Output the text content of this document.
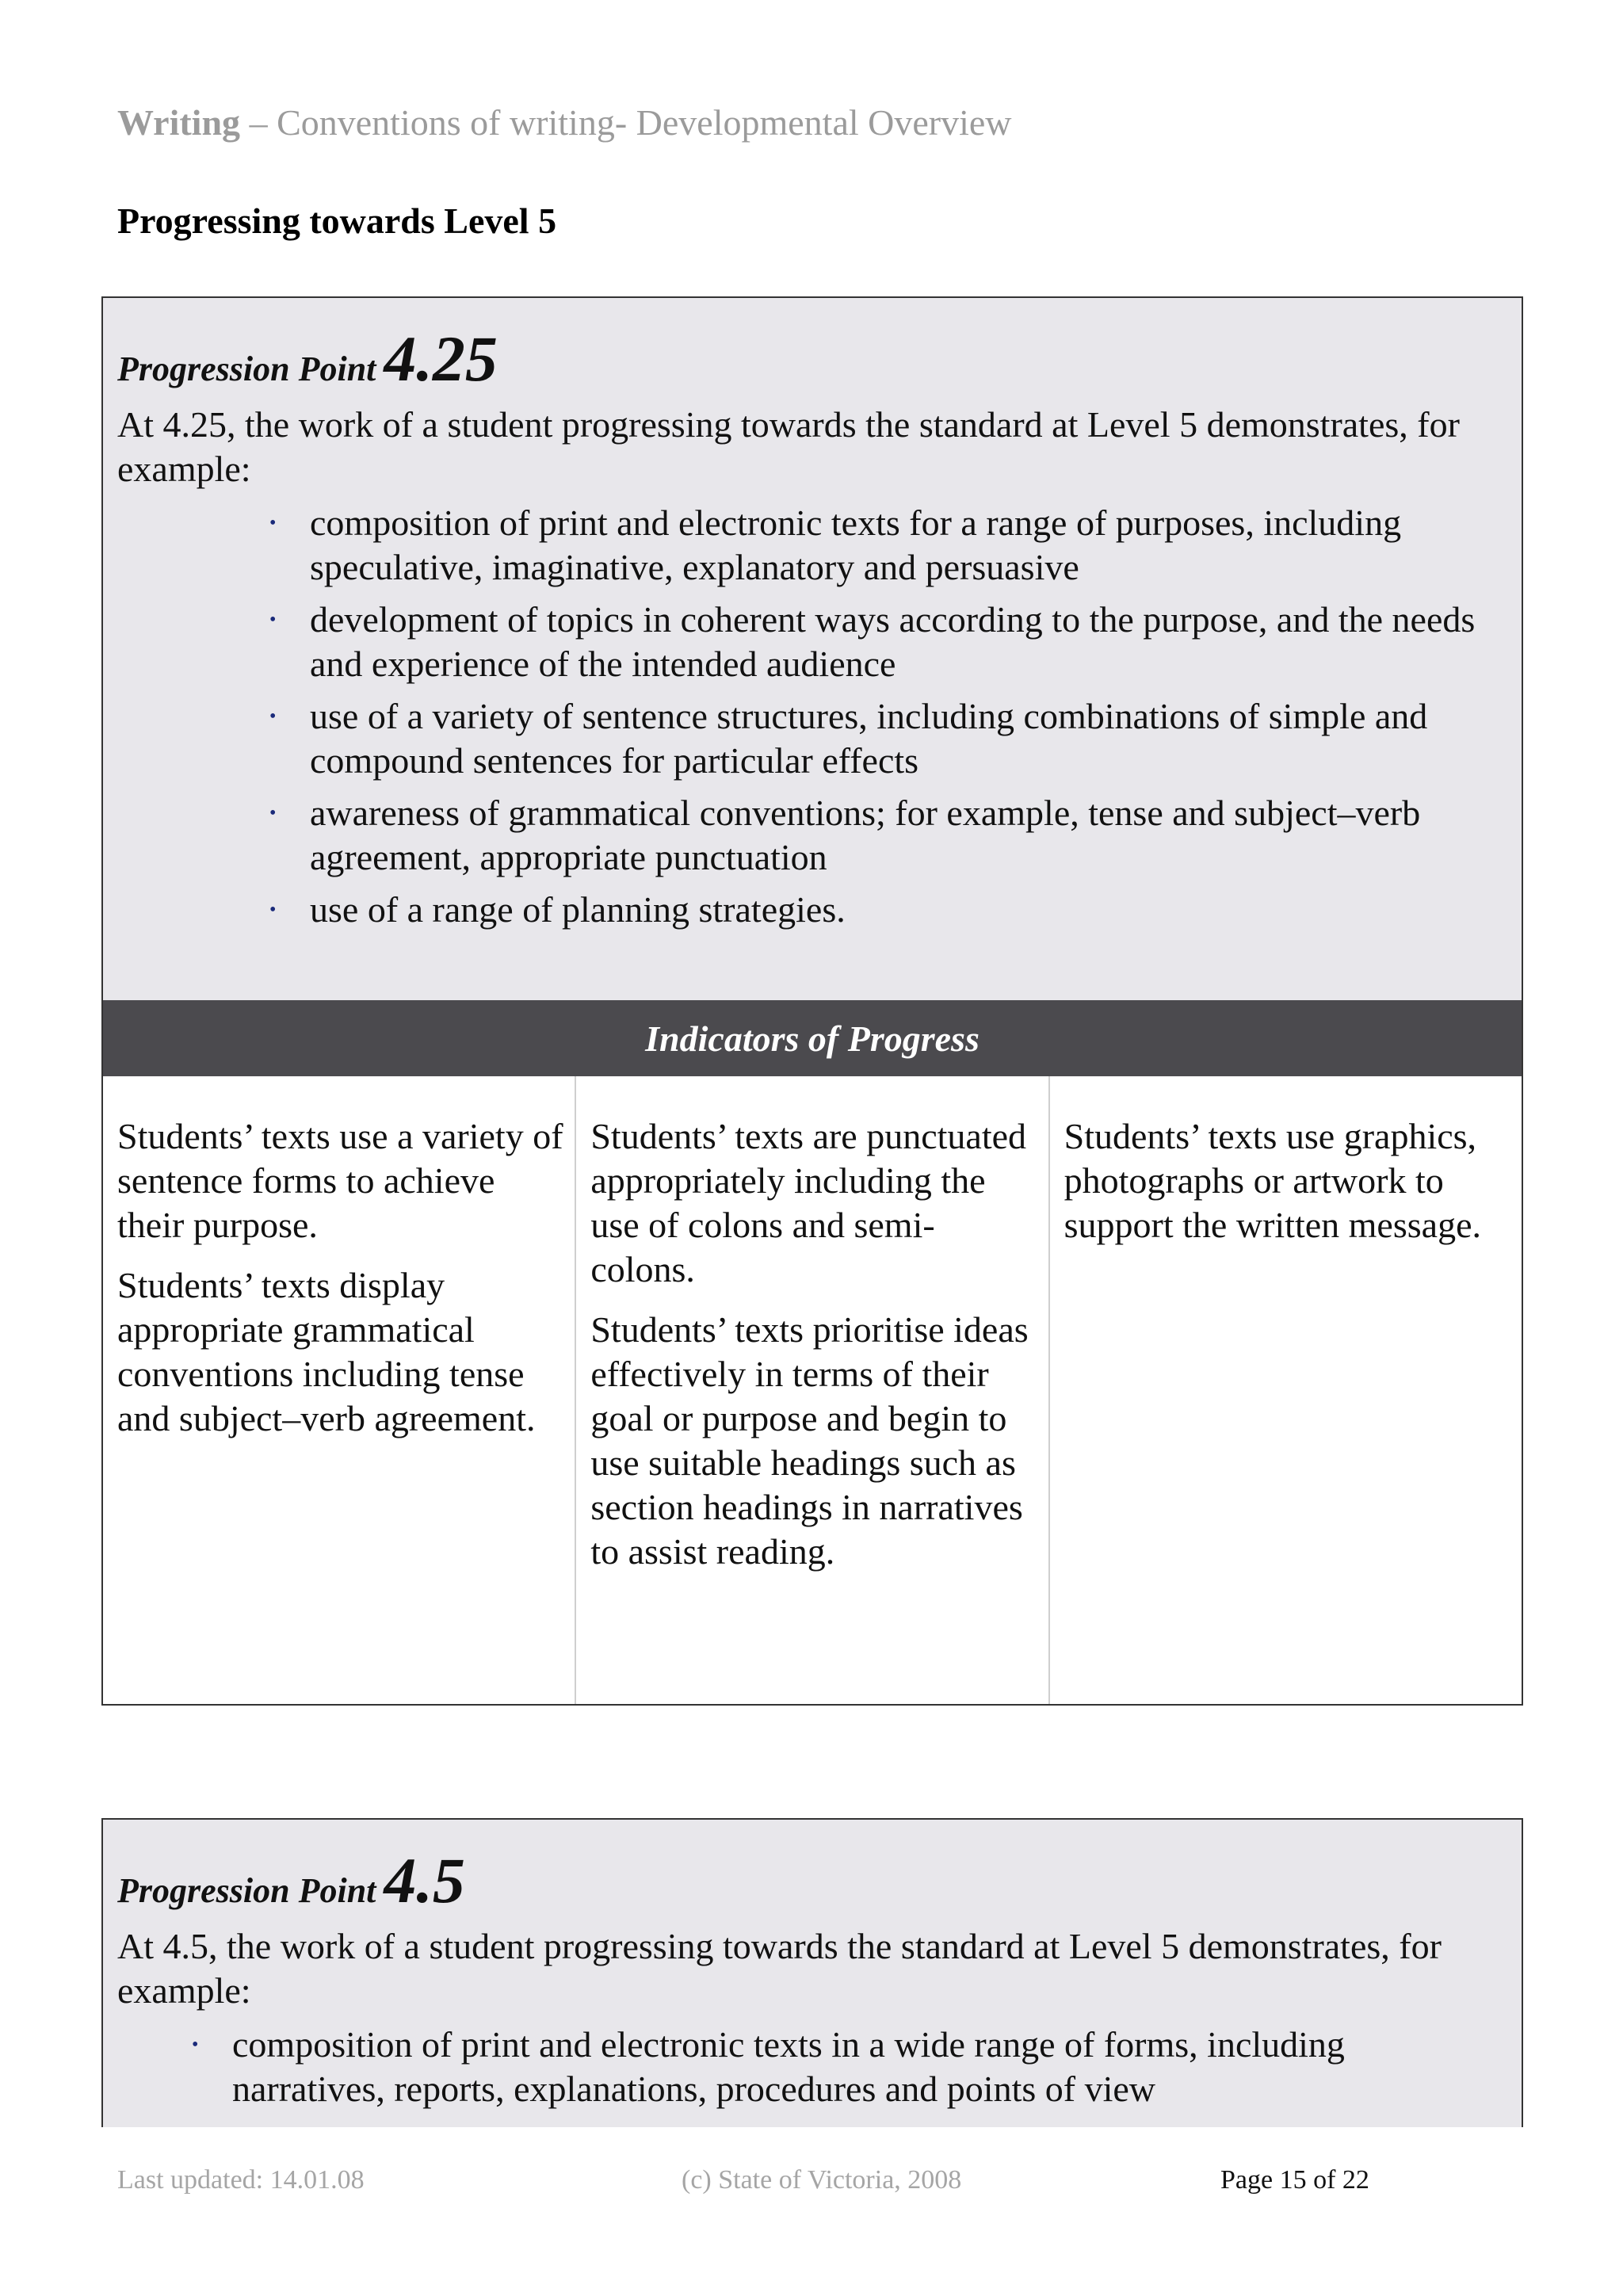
Writing – Conventions of writing- Developmental Overview
Progressing towards Level 5
Progression Point 4.25
At 4.25, the work of a student progressing towards the standard at Level 5 demonstrates, for example:
• composition of print and electronic texts for a range of purposes, including speculative, imaginative, explanatory and persuasive
• development of topics in coherent ways according to the purpose, and the needs and experience of the intended audience
• use of a variety of sentence structures, including combinations of simple and compound sentences for particular effects
• awareness of grammatical conventions; for example, tense and subject–verb agreement, appropriate punctuation
• use of a range of planning strategies.
Indicators of Progress

Students’ texts use a variety of sentence forms to achieve their purpose.

Students’ texts display appropriate grammatical conventions including tense and subject–verb agreement.

Students’ texts are punctuated appropriately including the use of colons and semi-colons.

Students’ texts prioritise ideas effectively in terms of their goal or purpose and begin to use suitable headings such as section headings in narratives to assist reading.

Students’ texts use graphics, photographs or artwork to support the written message.

Progression Point 4.5
At 4.5, the work of a student progressing towards the standard at Level 5 demonstrates, for example:
• composition of print and electronic texts in a wide range of forms, including narratives, reports, explanations, procedures and points of view
Last updated: 14.01.08	(c) State of Victoria, 2008	Page 15 of 22
